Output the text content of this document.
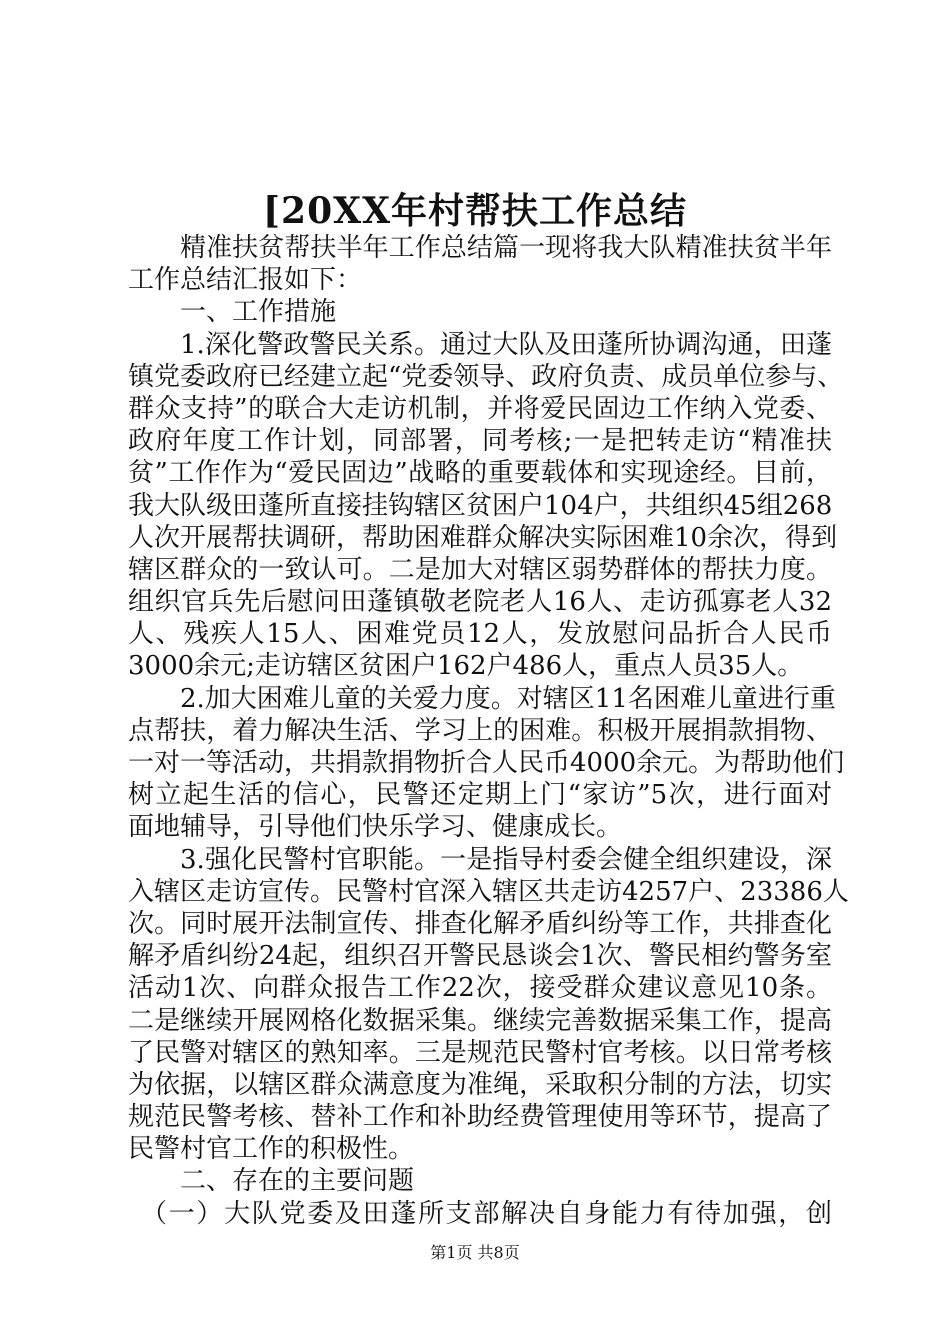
[20XX年村帮扶工作总结
精准扶贫帮扶半年工作总结篇一现将我大队精准扶贫半年
工作总结汇报如下：
一、工作措施
1.深化警政警民关系。通过大队及田蓬所协调沟通，田蓬
镇党委政府已经建立起“党委领导、政府负责、成员单位参与、
群众支持”的联合大走访机制，并将爱民固边工作纳入党委、
政府年度工作计划，同部署，同考核;一是把转走访“精准扶
贫”工作作为“爱民固边”战略的重要载体和实现途经。目前，
我大队级田蓬所直接挂钩辖区贫困户104户，共组织45组268
人次开展帮扶调研，帮助困难群众解决实际困难10余次，得到
辖区群众的一致认可。二是加大对辖区弱势群体的帮扶力度。
组织官兵先后慰问田蓬镇敬老院老人16人、走访孤寡老人32
人、残疾人15人、困难党员12人，发放慰问品折合人民币
3000余元;走访辖区贫困户162户486人，重点人员35人。
2.加大困难儿童的关爱力度。对辖区11名困难儿童进行重
点帮扶，着力解决生活、学习上的困难。积极开展捐款捐物、
一对一等活动，共捐款捐物折合人民币4000余元。为帮助他们
树立起生活的信心，民警还定期上门“家访”5次，进行面对
面地辅导，引导他们快乐学习、健康成长。
3.强化民警村官职能。一是指导村委会健全组织建设，深
入辖区走访宣传。民警村官深入辖区共走访4257户、23386人
次。同时展开法制宣传、排查化解矛盾纠纷等工作，共排查化
解矛盾纠纷24起，组织召开警民恳谈会1次、警民相约警务室
活动1次、向群众报告工作22次，接受群众建议意见10条。
二是继续开展网格化数据采集。继续完善数据采集工作，提高
了民警对辖区的熟知率。三是规范民警村官考核。以日常考核
为依据，以辖区群众满意度为准绳，采取积分制的方法，切实
规范民警考核、替补工作和补助经费管理使用等环节，提高了
民警村官工作的积极性。
二、存在的主要问题
（一）大队党委及田蓬所支部解决自身能力有待加强，创
第1页 共8页
